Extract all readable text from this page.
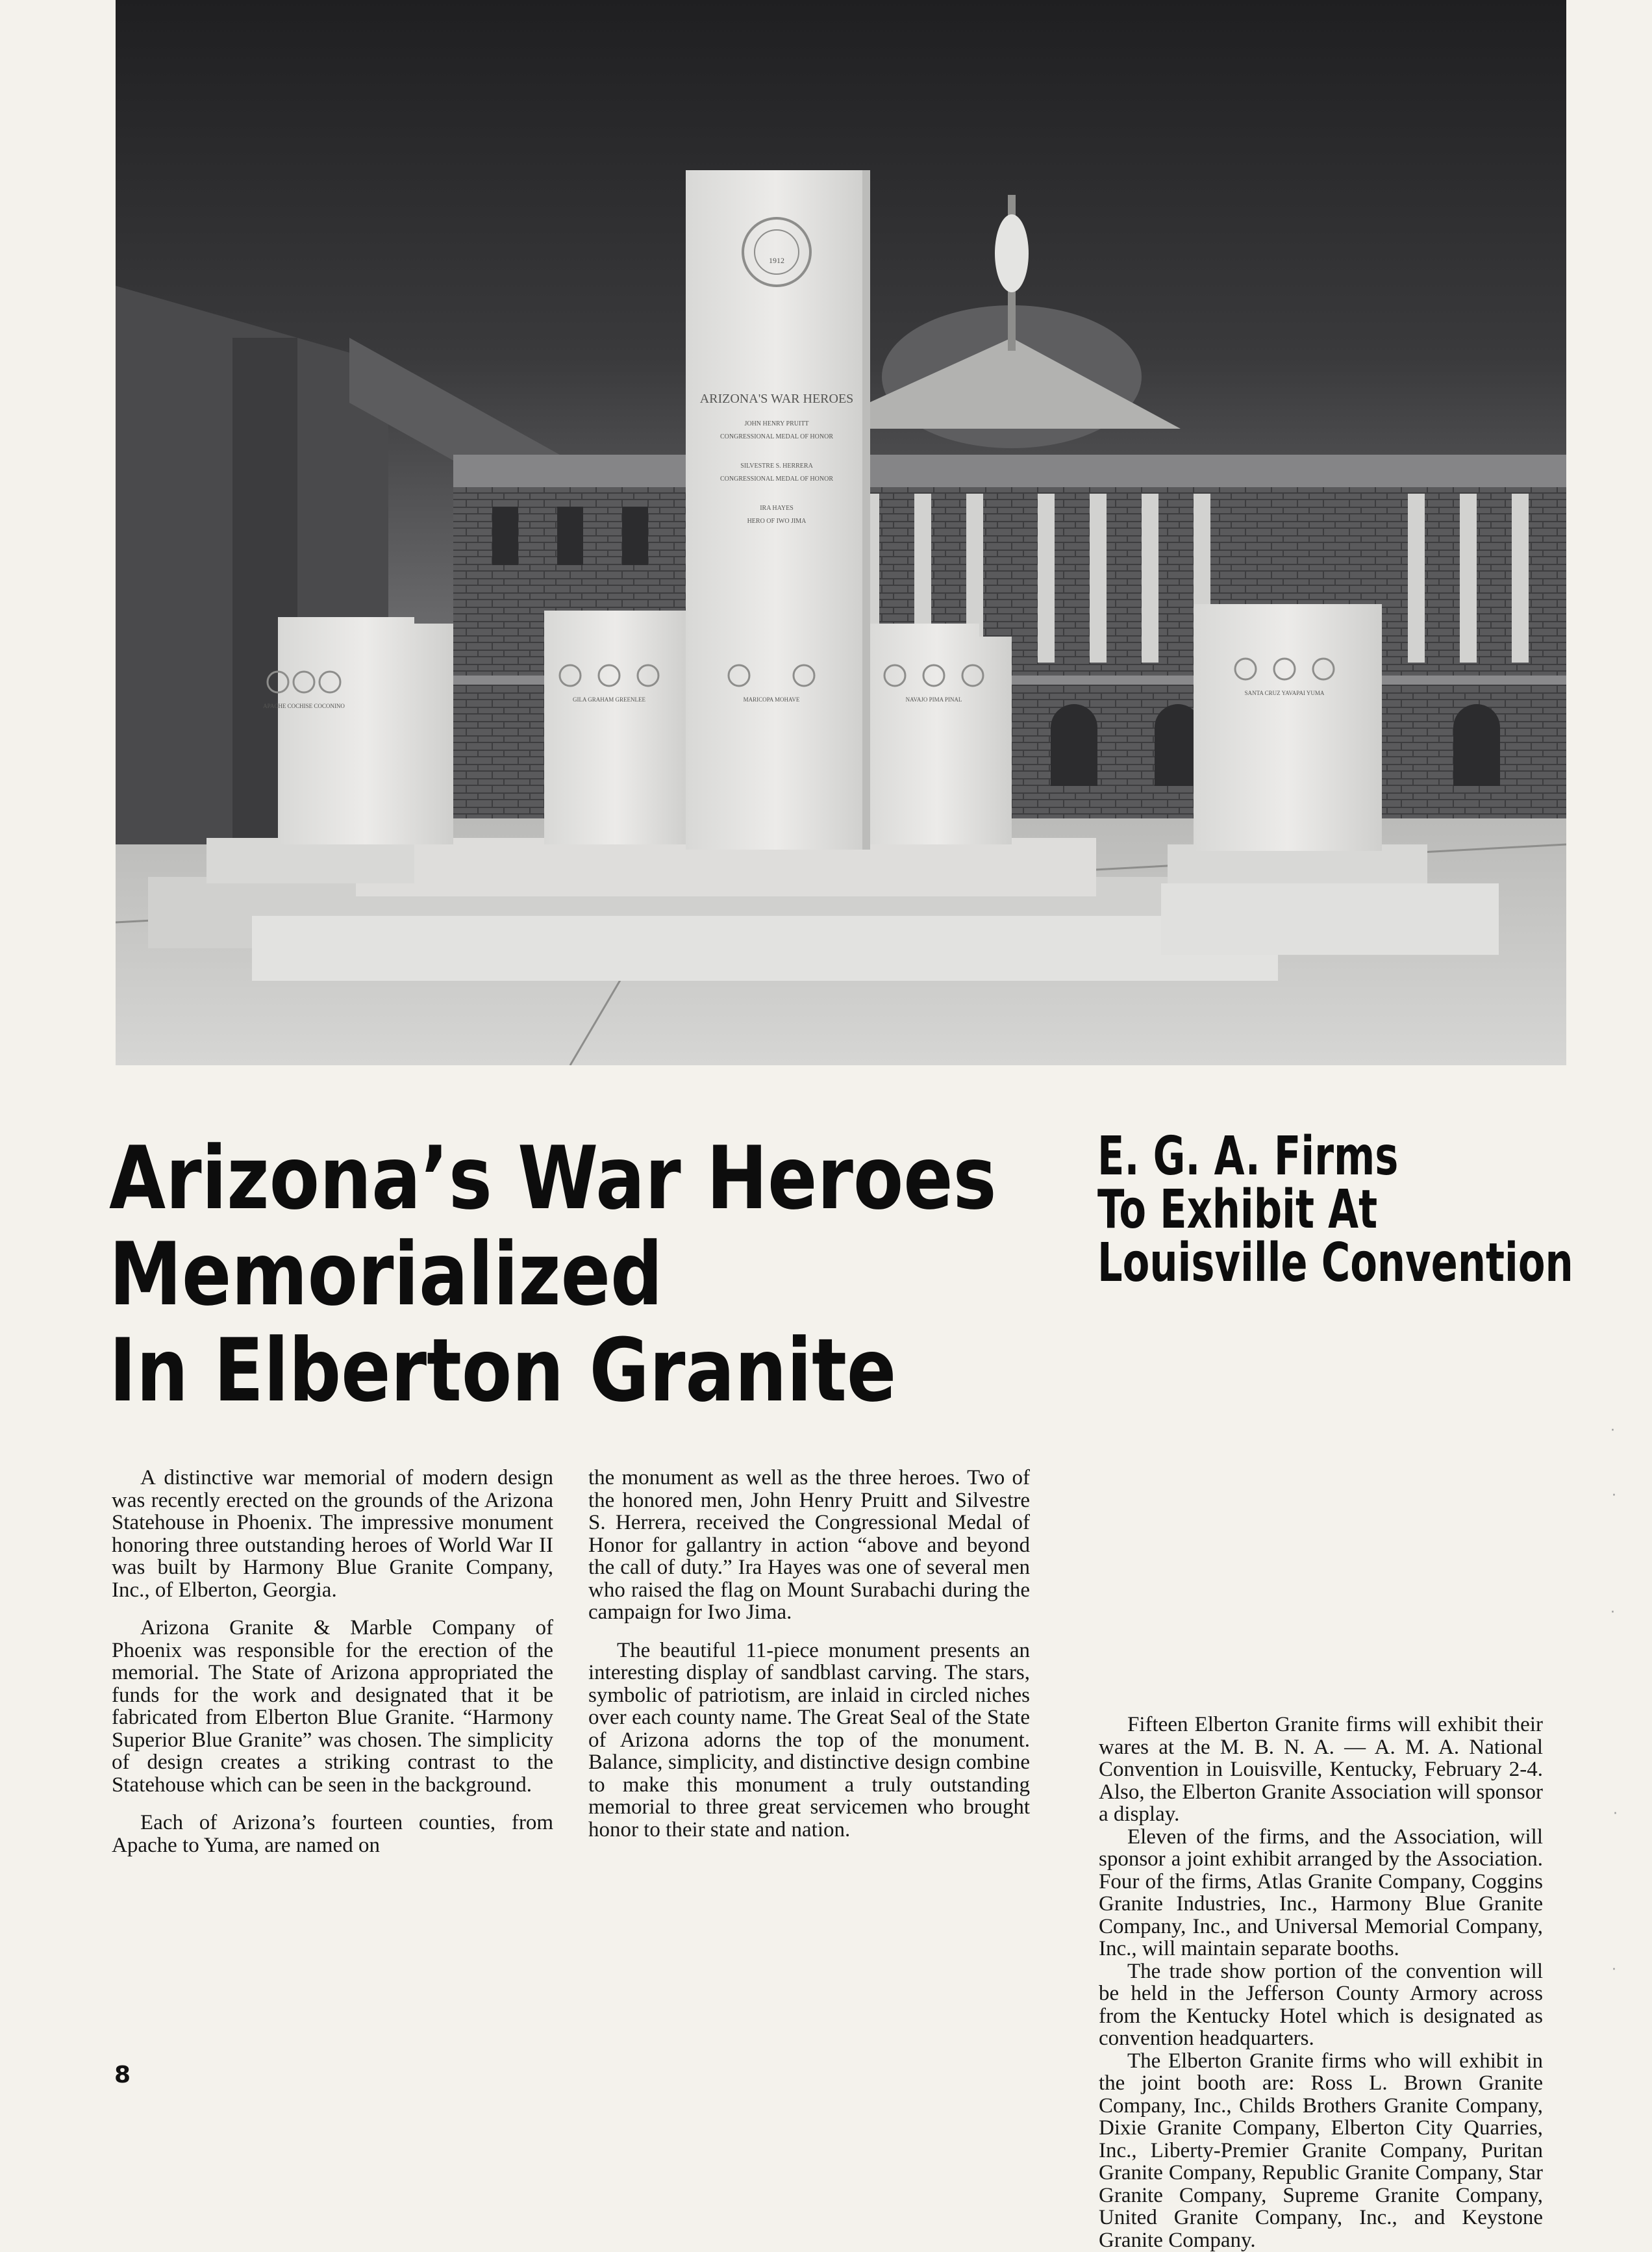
ARIZONA'S WAR HEROES
JOHN HENRY PRUITT
CONGRESSIONAL MEDAL OF HONOR
SILVESTRE S. HERRERA
CONGRESSIONAL MEDAL OF HONOR
IRA HAYES
HERO OF IWO JIMA
1912
APACHE COCHISE COCONINO
GILA GRAHAM GREENLEE	MARICOPA MOHAVE	NAVAJO PIMA PINAL
SANTA CRUZ YAVAPAI YUMA
Arizona’s War Heroes
Memorialized
In Elberton Granite
E. G. A. Firms
To Exhibit At
Louisville Convention

A distinctive war memorial of modern design was recently erected on the grounds of the Arizona Statehouse in Phoenix. The impressive monument honoring three outstanding heroes of World War II was built by Harmony Blue Granite Company, Inc., of Elberton, Georgia.

Arizona Granite & Marble Company of Phoenix was responsible for the erection of the memorial. The State of Arizona appropriated the funds for the work and designated that it be fabricated from Elberton Blue Granite. “Harmony Superior Blue Granite” was chosen. The simplicity of design creates a striking contrast to the Statehouse which can be seen in the background.

Each of Arizona’s fourteen counties, from Apache to Yuma, are named on

the monument as well as the three heroes. Two of the honored men, John Henry Pruitt and Silvestre S. Herrera, received the Congressional Medal of Honor for gallantry in action “above and beyond the call of duty.” Ira Hayes was one of several men who raised the flag on Mount Surabachi during the campaign for Iwo Jima.

The beautiful 11-piece monument presents an interesting display of sandblast carving. The stars, symbolic of patriotism, are inlaid in circled niches over each county name. The Great Seal of the State of Arizona adorns the top of the monument. Balance, simplicity, and distinctive design combine to make this monument a truly outstanding memorial to three great servicemen who brought honor to their state and nation.

Fifteen Elberton Granite firms will exhibit their wares at the M. B. N. A. — A. M. A. National Convention in Louisville, Kentucky, February 2-4. Also, the Elberton Granite Association will sponsor a display.

Eleven of the firms, and the Association, will sponsor a joint exhibit arranged by the Association. Four of the firms, Atlas Granite Company, Coggins Granite Industries, Inc., Harmony Blue Granite Company, Inc., and Universal Memorial Company, Inc., will maintain separate booths.

The trade show portion of the convention will be held in the Jefferson County Armory across from the Kentucky Hotel which is designated as convention headquarters.

The Elberton Granite firms who will exhibit in the joint booth are: Ross L. Brown Granite Company, Inc., Childs Brothers Granite Company, Dixie Granite Company, Elberton City Quarries, Inc., Liberty-Premier Granite Company, Puritan Granite Company, Republic Granite Company, Star Granite Company, Supreme Granite Company, United Granite Company, Inc., and Keystone Granite Company.

8
·
·
·
·
·
